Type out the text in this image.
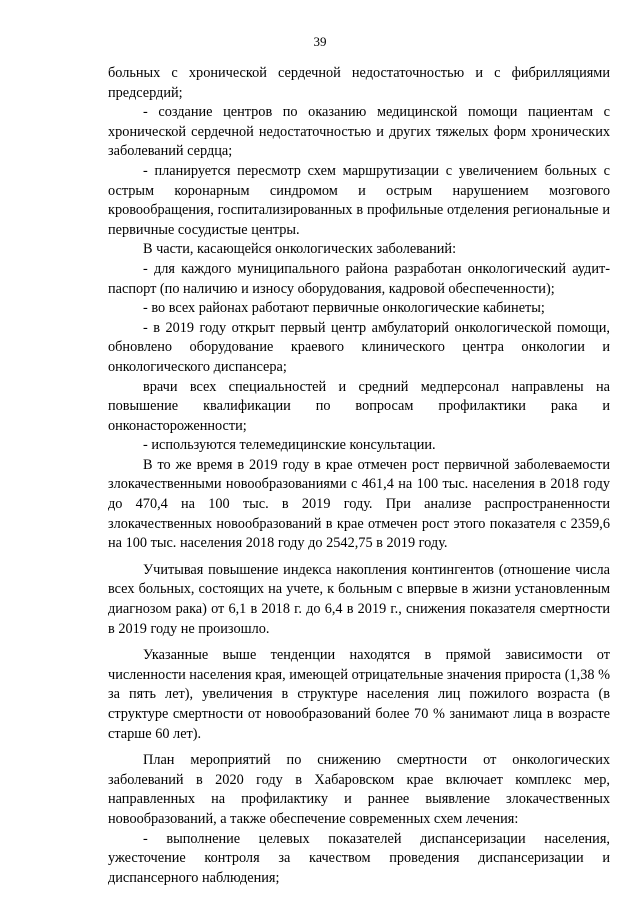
39

больных с хронической сердечной недостаточностью и с фибрилляциями предсердий;

- создание центров по оказанию медицинской помощи пациентам с хронической сердечной недостаточностью и других тяжелых форм хронических заболеваний сердца;

- планируется пересмотр схем маршрутизации с увеличением больных с острым коронарным синдромом и острым нарушением мозгового кровообращения, госпитализированных в профильные отделения региональные и первичные сосудистые центры.

В части, касающейся онкологических заболеваний:

- для каждого муниципального района разработан онкологический аудит-паспорт (по наличию и износу оборудования, кадровой обеспеченности);

- во всех районах работают первичные онкологические кабинеты;

- в 2019 году открыт первый центр амбулаторий онкологической помощи, обновлено оборудование краевого клинического центра онкологии и онкологического диспансера;

врачи всех специальностей и средний медперсонал направлены на повышение квалификации по вопросам профилактики рака и онконастороженности;

- используются телемедицинские консультации.

В то же время в 2019 году в крае отмечен рост первичной заболеваемости злокачественными новообразованиями с 461,4 на 100 тыс. населения в 2018 году до 470,4 на 100 тыс. в 2019 году. При анализе распространенности злокачественных новообразований в крае отмечен рост этого показателя с 2359,6 на 100 тыс. населения 2018 году до 2542,75 в 2019 году.

Учитывая повышение индекса накопления контингентов (отношение числа всех больных, состоящих на учете, к больным с впервые в жизни установленным диагнозом рака) от 6,1 в 2018 г. до 6,4 в 2019 г., снижения показателя смертности в 2019 году не произошло.

Указанные выше тенденции находятся в прямой зависимости от численности населения края, имеющей отрицательные значения прироста (1,38 % за пять лет), увеличения в структуре населения лиц пожилого возраста (в структуре смертности от новообразований более 70 % занимают лица в возрасте старше 60 лет).

План мероприятий по снижению смертности от онкологических заболеваний в 2020 году в Хабаровском крае включает комплекс мер, направленных на профилактику и раннее выявление злокачественных новообразований, а также обеспечение современных схем лечения:

- выполнение целевых показателей диспансеризации населения, ужесточение контроля за качеством проведения диспансеризации и диспансерного наблюдения;
